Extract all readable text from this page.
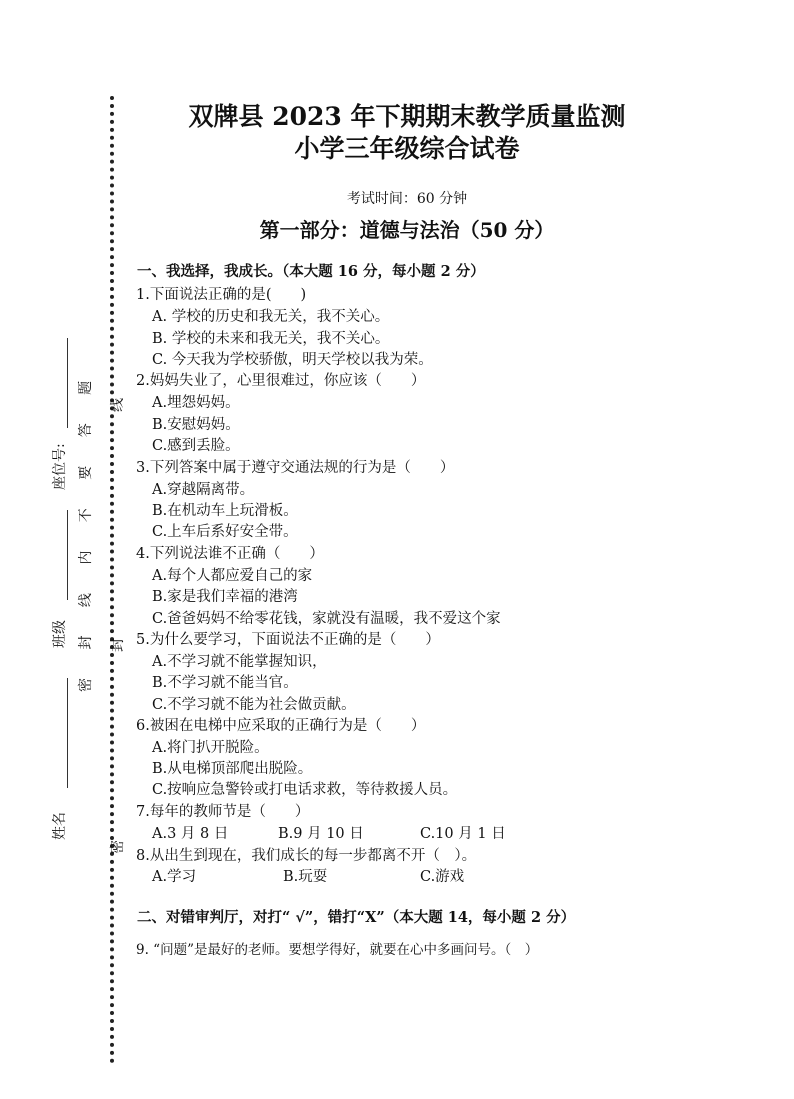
座位号:
班级
姓名
密 封 线 内 不 要 答 题 线
封
密
双牌县 2023 年下期期末教学质量监测
小学三年级综合试卷
考试时间：60 分钟
第一部分：道德与法治（50 分）
一、我选择，我成长。（本大题 16 分，每小题 2 分）
1.下面说法正确的是(　　)
A. 学校的历史和我无关，我不关心。
B. 学校的未来和我无关，我不关心。
C. 今天我为学校骄傲，明天学校以我为荣。
2.妈妈失业了，心里很难过，你应该（　　）
A.埋怨妈妈。
B.安慰妈妈。
C.感到丢脸。
3.下列答案中属于遵守交通法规的行为是（　　）
A.穿越隔离带。
B.在机动车上玩滑板。
C.上车后系好安全带。
4.下列说法谁不正确（　　）
A.每个人都应爱自己的家
B.家是我们幸福的港湾
C.爸爸妈妈不给零花钱，家就没有温暖，我不爱这个家
5.为什么要学习，下面说法不正确的是（　　）
A.不学习就不能掌握知识，
B.不学习就不能当官。
C.不学习就不能为社会做贡献。
6.被困在电梯中应采取的正确行为是（　　）
A.将门扒开脱险。
B.从电梯顶部爬出脱险。
C.按响应急警铃或打电话求救，等待救援人员。
7.每年的教师节是（　　）
A.3 月 8 日	B.9 月 10 日	C.10 月 1 日
8.从出生到现在，我们成长的每一步都离不开（　）。
A.学习	B.玩耍	C.游戏
二、对错审判厅，对打“ √”，错打“X”（本大题 14，每小题 2 分）
9. “问题”是最好的老师。要想学得好，就要在心中多画问号。（　）
